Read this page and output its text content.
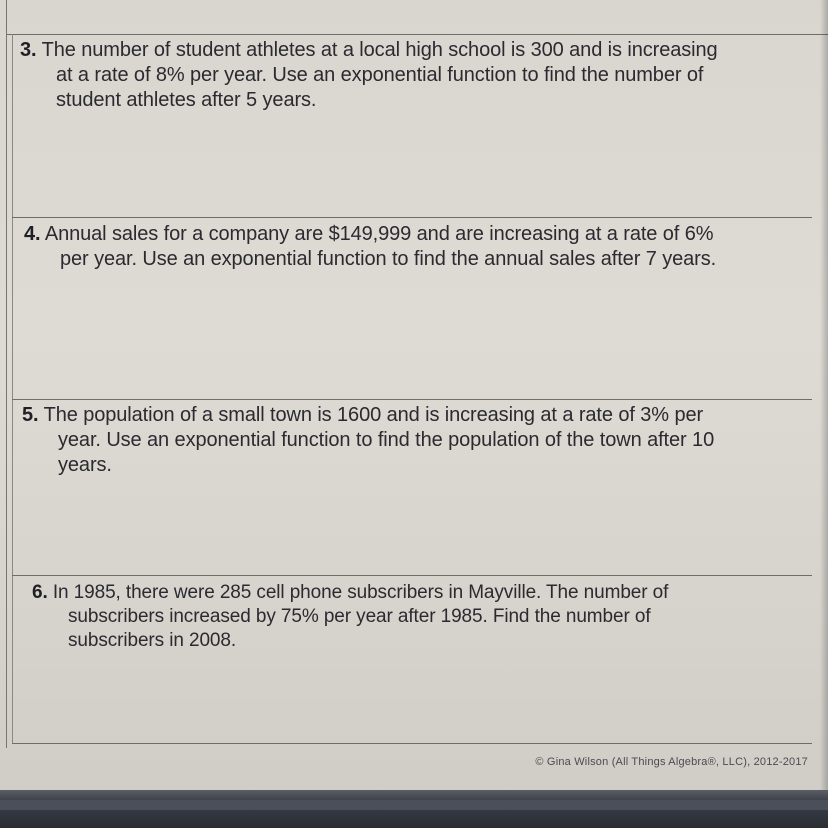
3. The number of student athletes at a local high school is 300 and is increasing
at a rate of 8% per year. Use an exponential function to find the number of
student athletes after 5 years.
4. Annual sales for a company are $149,999 and are increasing at a rate of 6%
per year. Use an exponential function to find the annual sales after 7 years.
5. The population of a small town is 1600 and is increasing at a rate of 3% per
year. Use an exponential function to find the population of the town after 10
years.
6. In 1985, there were 285 cell phone subscribers in Mayville. The number of
subscribers increased by 75% per year after 1985. Find the number of
subscribers in 2008.
© Gina Wilson (All Things Algebra®, LLC), 2012-2017
